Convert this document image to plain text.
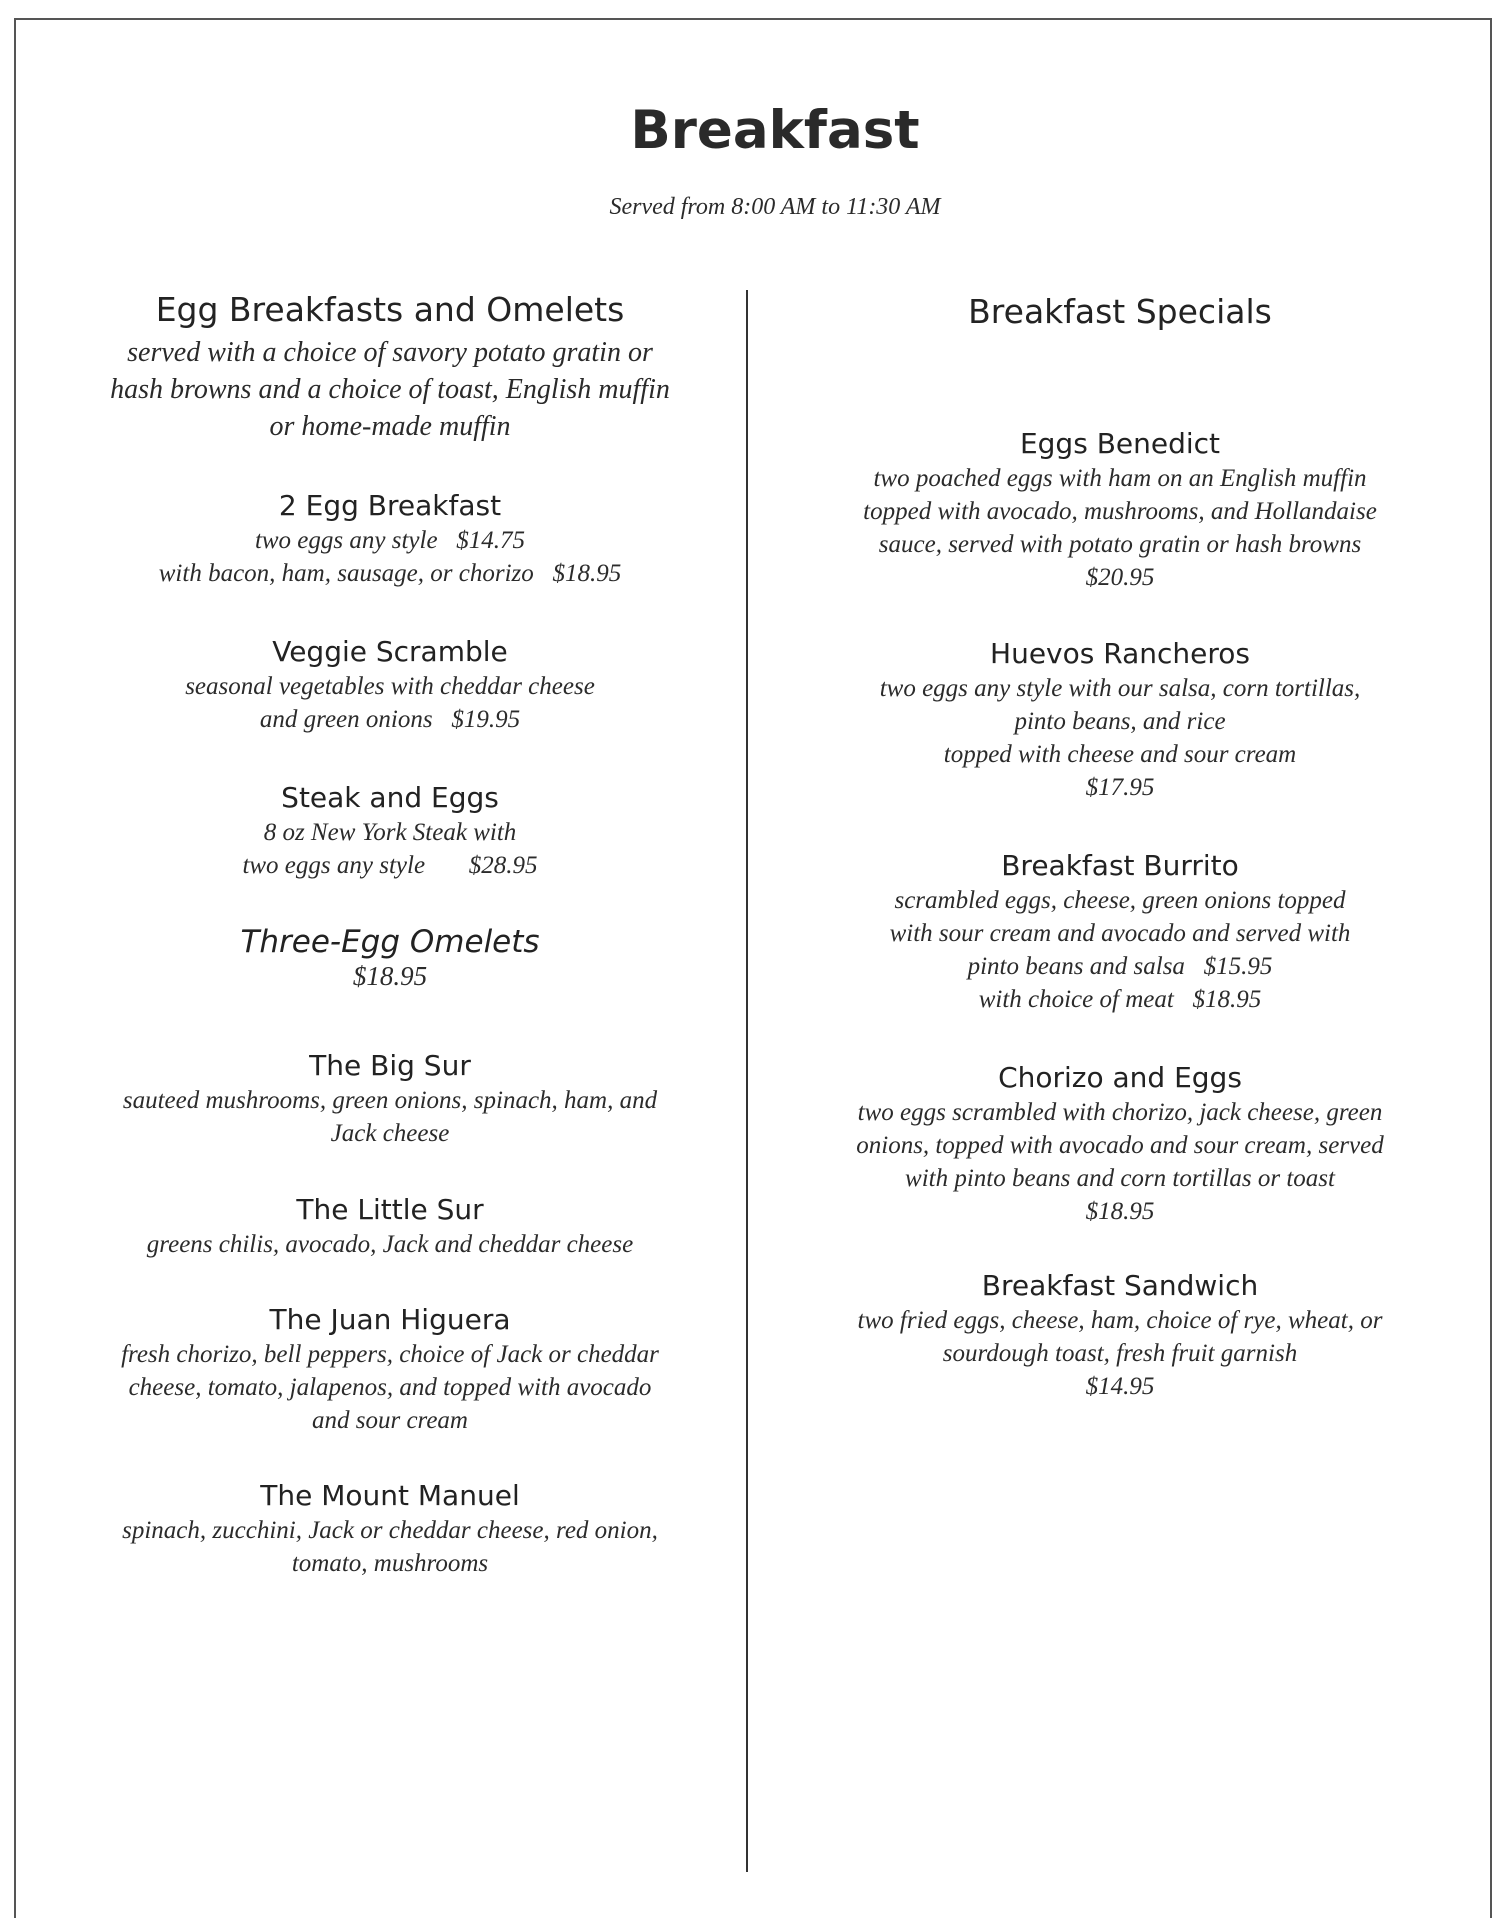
Breakfast
Served from 8:00 AM to 11:30 AM
Egg Breakfasts and Omelets
served with a choice of savory potato gratin or
hash browns and a choice of toast, English muffin
or home-made muffin
2 Egg Breakfast
two eggs any style   $14.75
with bacon, ham, sausage, or chorizo   $18.95
Veggie Scramble
seasonal vegetables with cheddar cheese
and green onions   $19.95
Steak and Eggs
8 oz New York Steak with
two eggs any style       $28.95
Three-Egg Omelets
$18.95
The Big Sur
sauteed mushrooms, green onions, spinach, ham, and
Jack cheese
The Little Sur
greens chilis, avocado, Jack and cheddar cheese
The Juan Higuera
fresh chorizo, bell peppers, choice of Jack or cheddar
cheese, tomato, jalapenos, and topped with avocado
and sour cream
The Mount Manuel
spinach, zucchini, Jack or cheddar cheese, red onion,
tomato, mushrooms
Breakfast Specials
Eggs Benedict
two poached eggs with ham on an English muffin
topped with avocado, mushrooms, and Hollandaise
sauce, served with potato gratin or hash browns
$20.95
Huevos Rancheros
two eggs any style with our salsa, corn tortillas,
pinto beans, and rice
topped with cheese and sour cream
$17.95
Breakfast Burrito
scrambled eggs, cheese, green onions topped
with sour cream and avocado and served with
pinto beans and salsa   $15.95
with choice of meat   $18.95
Chorizo and Eggs
two eggs scrambled with chorizo, jack cheese, green
onions, topped with avocado and sour cream, served
with pinto beans and corn tortillas or toast
$18.95
Breakfast Sandwich
two fried eggs, cheese, ham, choice of rye, wheat, or
sourdough toast, fresh fruit garnish
$14.95
